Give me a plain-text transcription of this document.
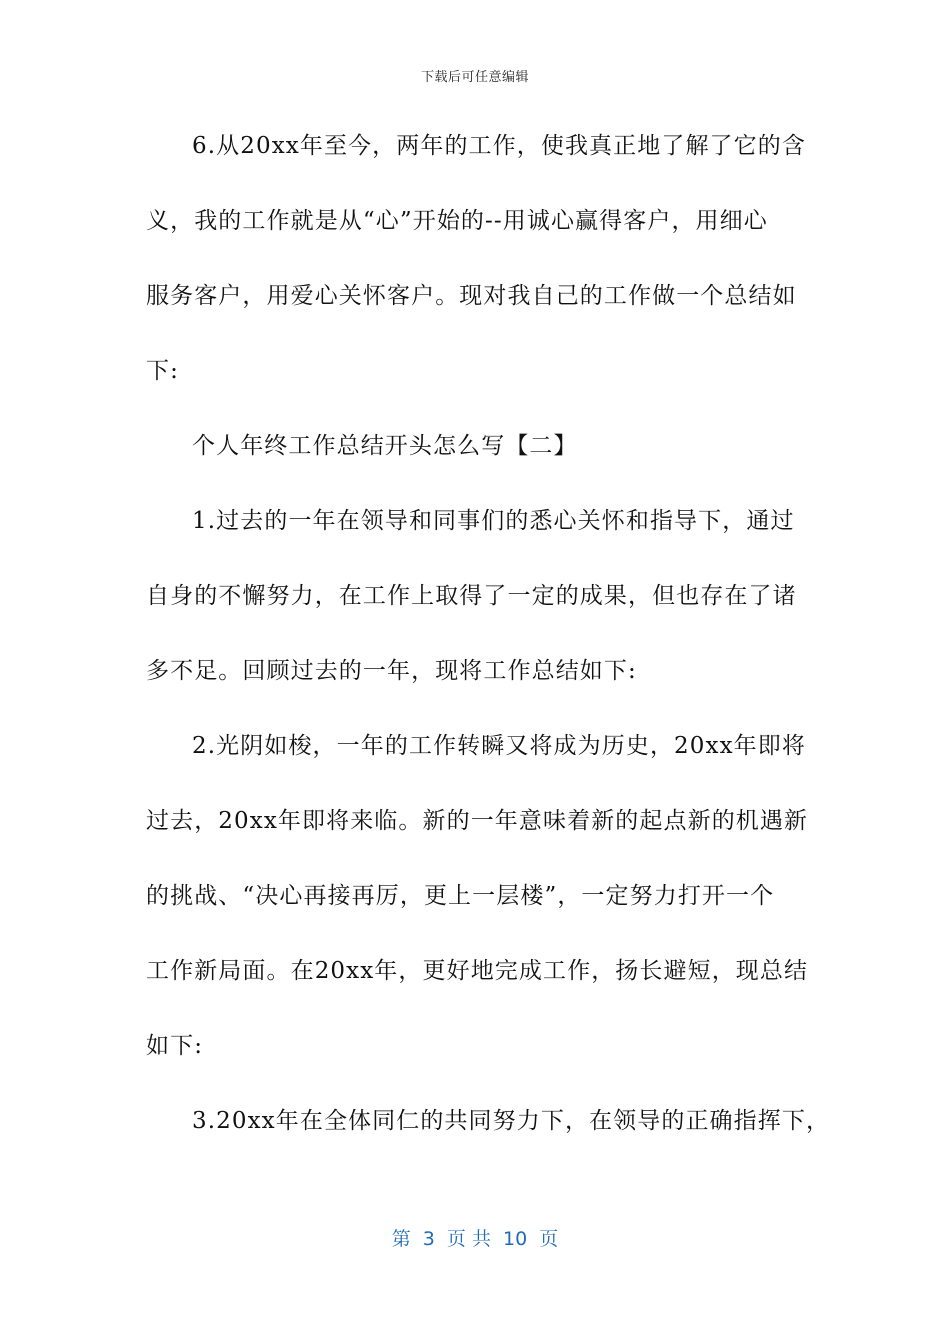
下载后可任意编辑
6.从20xx年至今，两年的工作，使我真正地了解了它的含
义，我的工作就是从“心”开始的--用诚心赢得客户，用细心
服务客户，用爱心关怀客户。现对我自己的工作做一个总结如
下:
个人年终工作总结开头怎么写【二】
1.过去的一年在领导和同事们的悉心关怀和指导下，通过
自身的不懈努力，在工作上取得了一定的成果，但也存在了诸
多不足。回顾过去的一年，现将工作总结如下:
2.光阴如梭，一年的工作转瞬又将成为历史，20xx年即将
过去，20xx年即将来临。新的一年意味着新的起点新的机遇新
的挑战、“决心再接再厉，更上一层楼”，一定努力打开一个
工作新局面。在20xx年，更好地完成工作，扬长避短，现总结
如下:
3.20xx年在全体同仁的共同努力下，在领导的正确指挥下，
第  3  页 共  10  页
